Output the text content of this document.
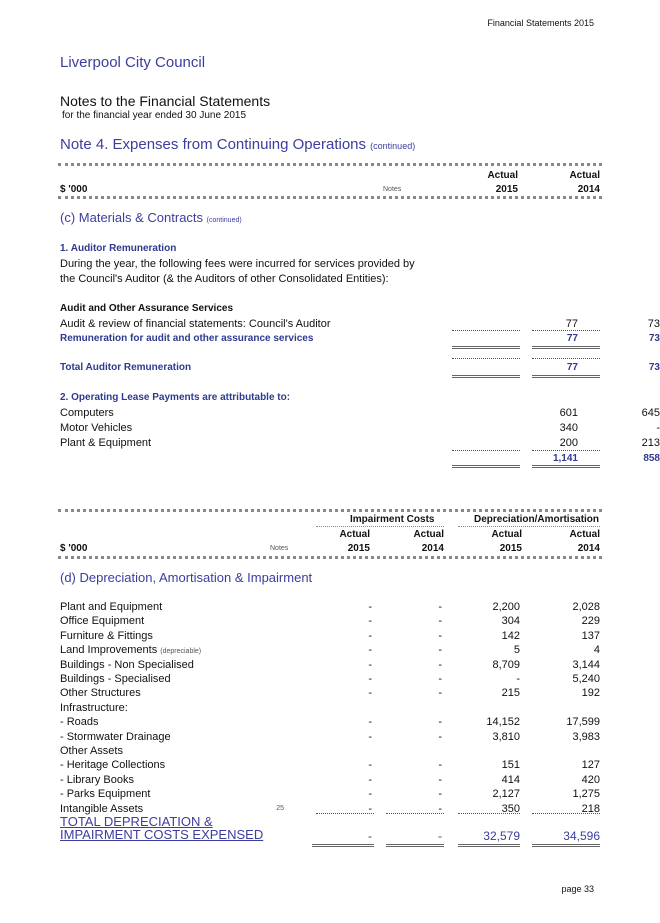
Financial Statements 2015
Liverpool City Council
Notes to the Financial Statements
for the financial year ended 30 June 2015
Note 4. Expenses from Continuing Operations (continued)
Actual	Actual
$ '000	Notes	2015	2014
(c) Materials & Contracts (continued)
1. Auditor Remuneration
During the year, the following fees were incurred for services provided by
the Council's Auditor (& the Auditors of other Consolidated Entities):
Audit and Other Assurance Services
Audit & review of financial statements: Council's Auditor	77	73
Remuneration for audit and other assurance services	77	73
Total Auditor Remuneration	77	73
2. Operating Lease Payments are attributable to:
Computers	601	645
Motor Vehicles	340	-
Plant & Equipment	200	213
1,141	858
Impairment Costs	Depreciation/Amortisation
Actual	Actual	Actual	Actual
$ '000	Notes	2015	2014	2015	2014
(d) Depreciation, Amortisation & Impairment
Plant and Equipment	-	-	2,200	2,028
Office Equipment	-	-	304	229
Furniture & Fittings	-	-	142	137
Land Improvements (depreciable)	-	-	5	4
Buildings - Non Specialised	-	-	8,709	3,144
Buildings - Specialised	-	-	-	5,240
Other Structures	-	-	215	192
Infrastructure:
- Roads	-	-	14,152	17,599
- Stormwater Drainage	-	-	3,810	3,983
Other Assets
- Heritage Collections	-	-	151	127
- Library Books	-	-	414	420
- Parks Equipment	-	-	2,127	1,275
Intangible Assets	25	-	-	350	218
TOTAL DEPRECIATION &
IMPAIRMENT COSTS EXPENSED	-	-	32,579	34,596
page 33
